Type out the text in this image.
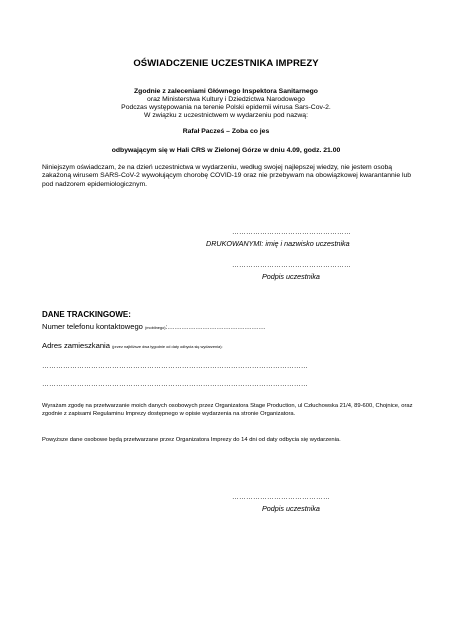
OŚWIADCZENIE UCZESTNIKA IMPREZY
Zgodnie z zaleceniami Głównego Inspektora Sanitarnego
oraz Ministerstwa Kultury i Dziedzictwa Narodowego
Podczas występowania na terenie Polski epidemii wirusa Sars-Cov-2.
W związku z uczestnictwem w wydarzeniu pod nazwą:
Rafał Pacześ – Zoba co jes
odbywającym się w Hali CRS w Zielonej Górze w dniu 4.09, godz. 21.00
Niniejszym oświadczam, że na dzień uczestnictwa w wydarzeniu, według swojej najlepszej wiedzy, nie jestem osobą zakażoną wirusem SARS-CoV-2 wywołującym chorobę COVID-19 oraz nie przebywam na obowiązkowej kwarantannie lub pod nadzorem epidemiologicznym.
……………………………………………
DRUKOWANYMI: imię i nazwisko uczestnika
……………………………………………
Podpis uczestnika
DANE TRACKINGOWE:
Numer telefonu kontaktowego (mobilnego):……………………………………
Adres zamieszkania (przez najbliższe dwa tygodnie od daty odbycia się wydarzenia):
……………………………………………………………………………………………………
……………………………………………………………………………………………………
Wyrażam zgodę na przetwarzanie moich danych osobowych przez Organizatora Stage Production, ul Człuchowska 21/4, 89-600, Chojnice, oraz zgodnie z zapisami Regulaminu Imprezy dostępnego w opisie wydarzenia na stronie Organizatora.
Powyższe dane osobowe będą przetwarzane przez Organizatora Imprezy do 14 dni od daty odbycia się wydarzenia.
……………………………………
Podpis uczestnika
